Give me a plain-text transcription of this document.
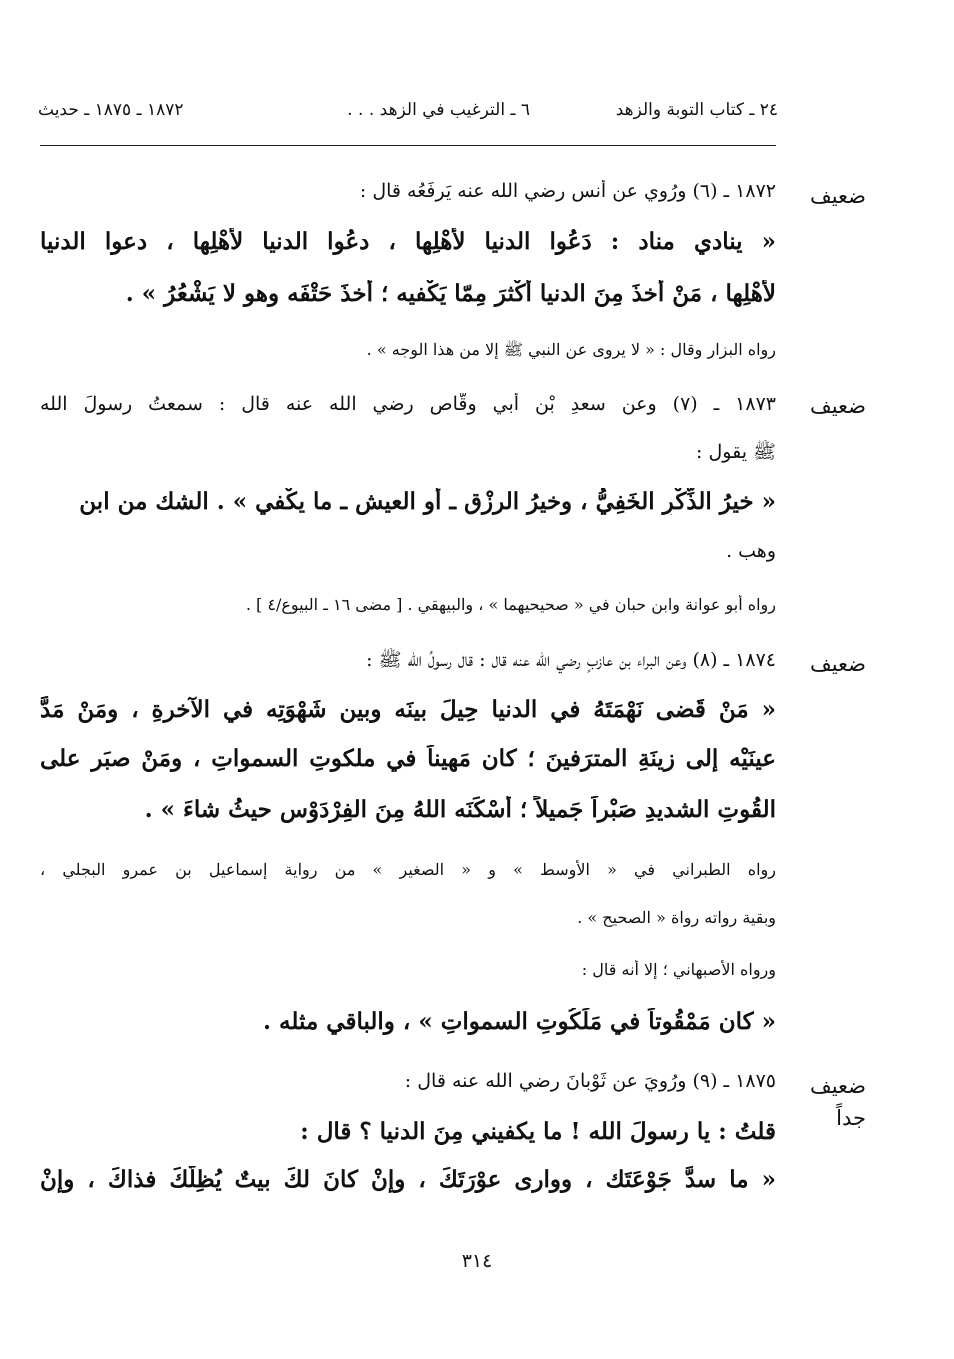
٢٤ ـ كتاب التوبة والزهد
٦ ـ الترغيب في الزهد . . .
١٨٧٢ ـ ١٨٧٥ ـ حديث
ضعيف
١٨٧٢ ـ (٦) ورُوي عن أنسٍ رضي الله عنه يَرفَعُه قال :
« ينادي مناد : دَعُوا الدنيا لأَهْلِها ، دعُوا الدنيا لأَهْلِها ، دعوا الدنيا
لأَهْلِها ، مَنْ أخذَ مِنَ الدنيا أَكْثرَ مِمّا يَكْفيه ؛ أخذَ حَتْفَه وهو لا يَشْعُرُ » .
رواه البزار وقال : « لا يروى عن النبي ﷺ إلا من هذا الوجه » .
ضعيف
١٨٧٣ ـ (٧) وعن سعدِ بْنِ أبي وقّاصٍ رضي الله عنه قال : سمعتُ رسولَ الله
ﷺ يقول :
« خيرُ الذِّكْرِ الخَفِيُّ ، وخيرُ الرزْقِ ـ أو العيشِ ـ ما يكْفي » . الشك من ابن
وهب .
رواه أبو عوانة وابن حبان في « صحيحيهما » ، والبيهقي . [ مضى ١٦ ـ البيوع/٤ ] .
ضعيف
١٨٧٤ ـ (٨) وعن البراء بن عازبٍ رضي الله عنه قال : قال رسولُ الله ﷺ :
« مَنْ قَضى نَهْمَتَهُ في الدنيا حِيلَ بينَه وبين شَهْوَتِه في الآخرةِ ، ومَنْ مَدَّ
عينَيْه إلى زينَةِ المترَفينَ ؛ كان مَهيناً في ملكوتِ السمواتِ ، ومَنْ صبَر على
القُوتِ الشديدِ صَبْراً جَميلاً ؛ أَسْكَنَه اللهُ مِنَ الفِرْدَوْسِ حيثُ شاءَ » .
رواه الطبراني في « الأوسط » و « الصغير » من رواية إسماعيل بن عمرو البجلي ،
وبقية رواته رواة « الصحيح » .
ورواه الأصبهاني ؛ إلا أنه قال :
« كان مَمْقُوتاً في مَلَكُوتِ السمواتِ » ، والباقي مثله .
ضعيف جداً
١٨٧٥ ـ (٩) ورُوِيَ عن ثَوْبانَ رضي الله عنه قال :
قلتُ : يا رسولَ الله ! ما يكفيني مِنَ الدنيا ؟ قال :
« ما سدَّ جَوْعَتَك ، ووارى عوْرَتَكَ ، وإنْ كانَ لكَ بيتٌ يُظِلُّكَ فذاكَ ، وإنْ
٣١٤
